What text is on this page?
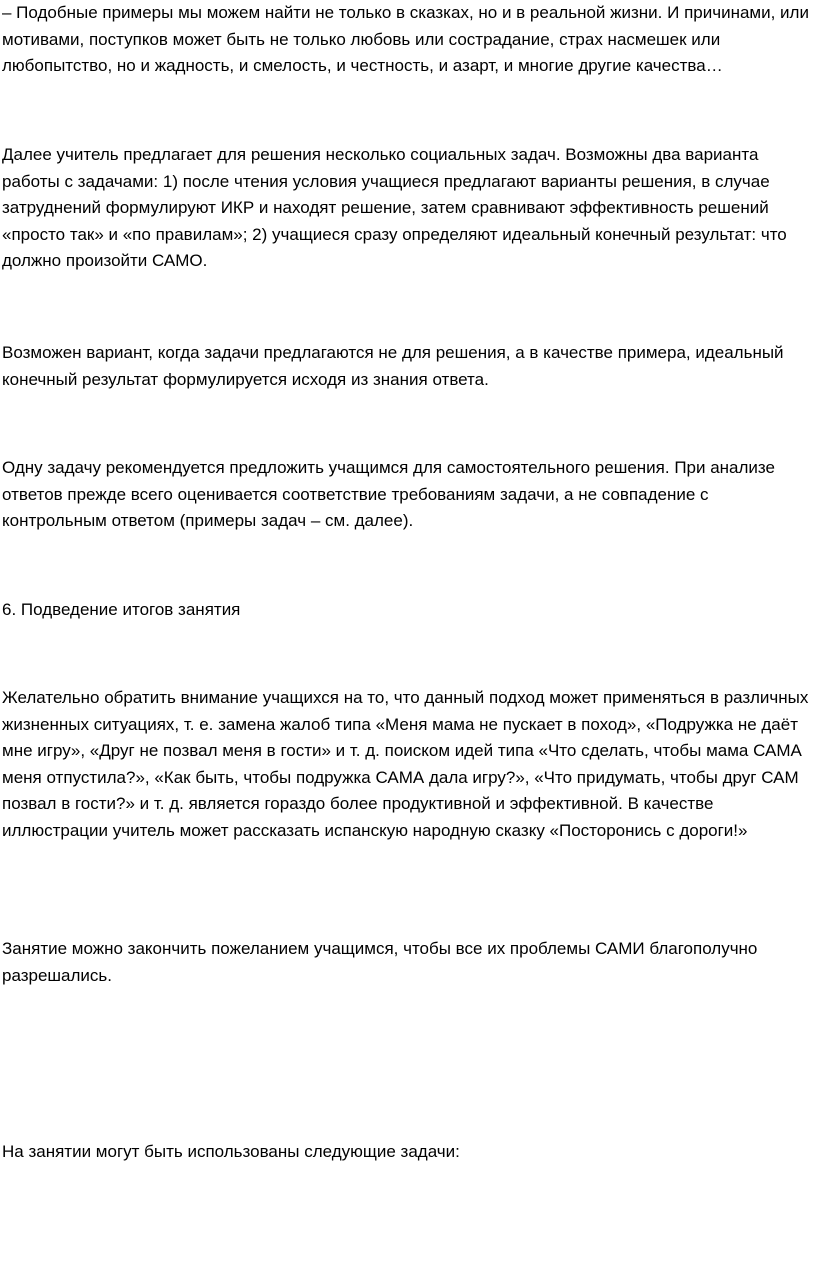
– Подобные примеры мы можем найти не только в сказках, но и в реальной жизни. И причинами, или мотивами, поступков может быть не только любовь или сострадание, страх насмешек или любопытство, но и жадность, и смелость, и честность, и азарт, и многие другие качества…

Далее учитель предлагает для решения несколько социальных задач. Возможны два варианта работы с задачами: 1) после чтения условия учащиеся предлагают варианты решения, в случае затруднений формулируют ИКР и находят решение, затем сравнивают эффективность решений «просто так» и «по правилам»; 2) учащиеся сразу определяют идеальный конечный результат: что должно произойти САМО.

Возможен вариант, когда задачи предлагаются не для решения, а в качестве примера, идеальный конечный результат формулируется исходя из знания ответа.

Одну задачу рекомендуется предложить учащимся для самостоятельного решения. При анализе ответов прежде всего оценивается соответствие требованиям задачи, а не совпадение с контрольным ответом (примеры задач – см. далее).

6. Подведение итогов занятия

Желательно обратить внимание учащихся на то, что данный подход может применяться в различных жизненных ситуациях, т. е. замена жалоб типа «Меня мама не пускает в поход», «Подружка не даёт мне игру», «Друг не позвал меня в гости» и т. д. поиском идей типа «Что сделать, чтобы мама САМА меня отпустила?», «Как быть, чтобы подружка САМА дала игру?», «Что придумать, чтобы друг САМ позвал в гости?» и т. д. является гораздо более продуктивной и эффективной. В качестве иллюстрации учитель может рассказать испанскую народную сказку «Посторонись с дороги!»

Занятие можно закончить пожеланием учащимся, чтобы все их проблемы САМИ благополучно разрешались.

На занятии могут быть использованы следующие задачи:
